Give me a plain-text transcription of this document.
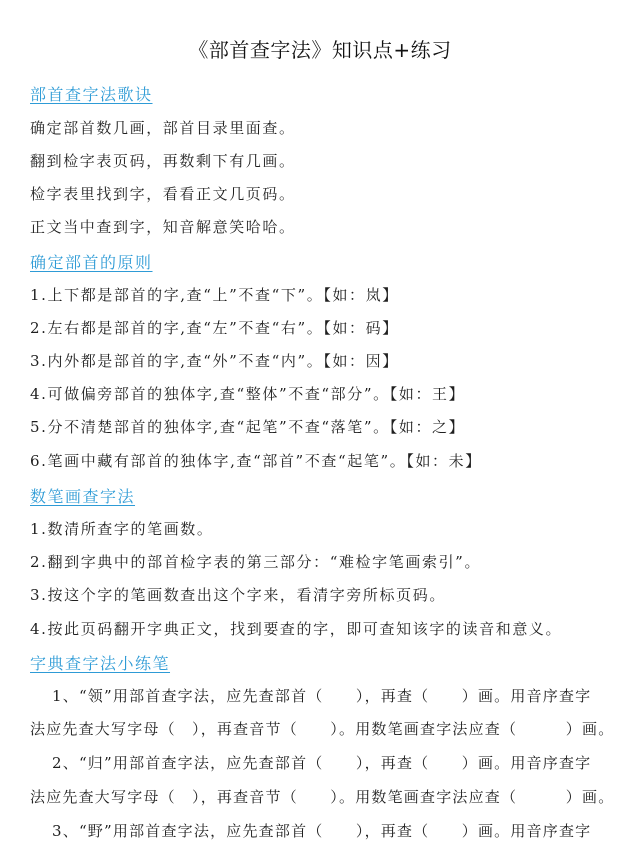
《部首查字法》知识点+练习
部首查字法歌诀
确定部首数几画，部首目录里面查。
翻到检字表页码，再数剩下有几画。
检字表里找到字，看看正文几页码。
正文当中查到字，知音解意笑哈哈。
确定部首的原则
1.上下都是部首的字,查“上”不查“下”。【如：岚】
2.左右都是部首的字,查“左”不查“右”。【如：码】
3.内外都是部首的字,查“外”不查“内”。【如：因】
4.可做偏旁部首的独体字,查“整体”不查“部分”。【如：王】
5.分不清楚部首的独体字,查“起笔”不查“落笔”。【如：之】
6.笔画中藏有部首的独体字,查“部首”不查“起笔”。【如：未】
数笔画查字法
1.数清所查字的笔画数。
2.翻到字典中的部首检字表的第三部分：“难检字笔画索引”。
3.按这个字的笔画数查出这个字来，看清字旁所标页码。
4.按此页码翻开字典正文，找到要查的字，即可查知该字的读音和意义。
字典查字法小练笔
1、“领”用部首查字法，应先查部首（　　），再查（　　）画。用音序查字
法应先查大写字母（　），再查音节（　　）。用数笔画查字法应查（　　　）画。
2、“归”用部首查字法，应先查部首（　　），再查（　　）画。用音序查字
法应先查大写字母（　），再查音节（　　）。用数笔画查字法应查（　　　）画。
3、“野”用部首查字法，应先查部首（　　），再查（　　）画。用音序查字
